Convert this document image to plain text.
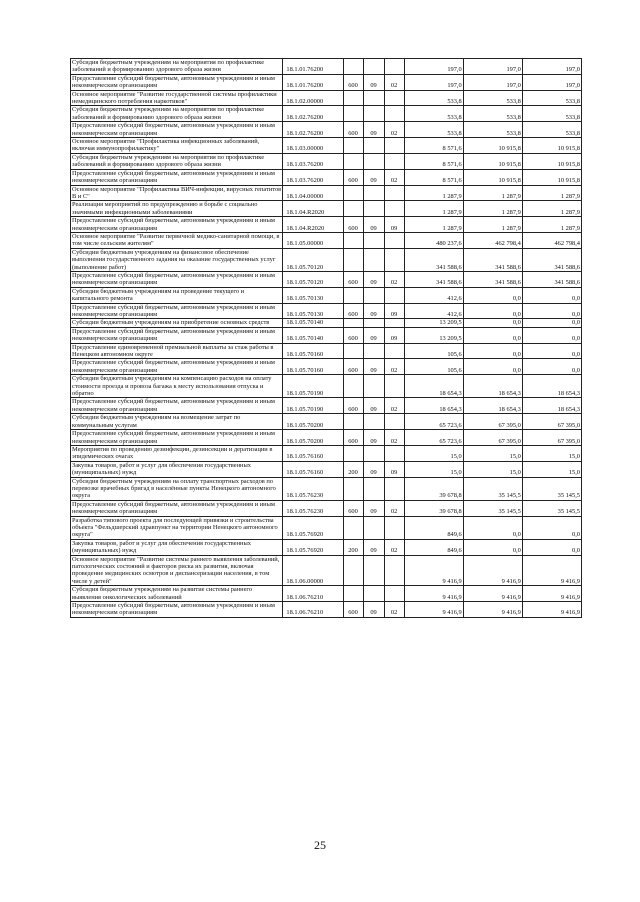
Субсидия бюджетным учреждениям на мероприятия по профилактике заболеваний и формированию здорового образа жизни	18.1.01.76200				197,0	197,0	197,0
Предоставление субсидий бюджетным, автономным учреждениям и иным некоммерческим организациям	18.1.01.76200	600	09	02	197,0	197,0	197,0
Основное мероприятие "Развитие государственной системы профилактики немедицинского потребления наркотиков"	18.1.02.00000				533,8	533,8	533,8
Субсидия бюджетным учреждениям на мероприятия по профилактике заболеваний и формированию здорового образа жизни	18.1.02.76200				533,8	533,8	533,8
Предоставление субсидий бюджетным, автономным учреждениям и иным некоммерческим организациям	18.1.02.76200	600	09	02	533,8	533,8	533,8
Основное мероприятие "Профилактика инфекционных заболеваний, включая иммунопрофилактику"	18.1.03.00000				8 571,6	10 915,8	10 915,8
Субсидия бюджетным учреждениям на мероприятия по профилактике заболеваний и формированию здорового образа жизни	18.1.03.76200				8 571,6	10 915,8	10 915,8
Предоставление субсидий бюджетным, автономным учреждениям и иным некоммерческим организациям	18.1.03.76200	600	09	02	8 571,6	10 915,8	10 915,8
Основное мероприятие "Профилактика ВИЧ-инфекции, вирусных гепатитов В и С"	18.1.04.00000				1 287,9	1 287,9	1 287,9
Реализация мероприятий по предупреждению и борьбе с социально значимыми инфекционными заболеваниями	18.1.04.R2020				1 287,9	1 287,9	1 287,9
Предоставление субсидий бюджетным, автономным учреждениям и иным некоммерческим организациям	18.1.04.R2020	600	09	09	1 287,9	1 287,9	1 287,9
Основное мероприятие "Развитие первичной медико-санитарной помощи, в том числе сельским жителям"	18.1.05.00000				480 237,6	462 798,4	462 798,4
Субсидии бюджетным учреждениям на финансовое обеспечение выполнения государственного задания на оказание государственных услуг (выполнение работ)	18.1.05.70120				341 588,6	341 588,6	341 588,6
Предоставление субсидий бюджетным, автономным учреждениям и иным некоммерческим организациям	18.1.05.70120	600	09	02	341 588,6	341 588,6	341 588,6
Субсидии бюджетным учреждениям на проведение текущего и капитального ремонта	18.1.05.70130				412,6	0,0	0,0
Предоставление субсидий бюджетным, автономным учреждениям и иным некоммерческим организациям	18.1.05.70130	600	09	09	412,6	0,0	0,0
Субсидии бюджетным учреждениям на приобретение основных средств	18.1.05.70140				13 209,5	0,0	0,0
Предоставление субсидий бюджетным, автономным учреждениям и иным некоммерческим организациям	18.1.05.70140	600	09	09	13 209,5	0,0	0,0
Предоставление единовременной премиальной выплаты за стаж работы в Ненецком автономном округе	18.1.05.70160				105,6	0,0	0,0
Предоставление субсидий бюджетным, автономным учреждениям и иным некоммерческим организациям	18.1.05.70160	600	09	02	105,6	0,0	0,0
Субсидии бюджетным учреждениям на компенсацию расходов на оплату стоимости проезда и провоза багажа к месту использования отпуска и обратно	18.1.05.70190				18 654,3	18 654,3	18 654,3
Предоставление субсидий бюджетным, автономным учреждениям и иным некоммерческим организациям	18.1.05.70190	600	09	02	18 654,3	18 654,3	18 654,3
Субсидии бюджетным учреждениям на возмещение затрат по коммунальным услугам	18.1.05.70200				65 723,6	67 395,0	67 395,0
Предоставление субсидий бюджетным, автономным учреждениям и иным некоммерческим организациям	18.1.05.70200	600	09	02	65 723,6	67 395,0	67 395,0
Мероприятия по проведению дезинфекции, дезинсекции и дератизации в эпидемических очагах	18.1.05.76160				15,0	15,0	15,0
Закупка товаров, работ и услуг для обеспечения государственных (муниципальных) нужд	18.1.05.76160	200	09	09	15,0	15,0	15,0
Субсидия бюджетным учреждениям на оплату транспортных расходов по перевозке врачебных бригад в населённые пункты Ненецкого автономного округа	18.1.05.76230				39 678,8	35 145,5	35 145,5
Предоставление субсидий бюджетным, автономным учреждениям и иным некоммерческим организациям	18.1.05.76230	600	09	02	39 678,8	35 145,5	35 145,5
Разработка типового проекта для последующей привязки и строительства объекта "Фельдшерский здравпункт на территории Ненецкого автономного округа"	18.1.05.76920				849,6	0,0	0,0
Закупка товаров, работ и услуг для обеспечения государственных (муниципальных) нужд	18.1.05.76920	200	09	02	849,6	0,0	0,0
Основное мероприятие "Развитие системы раннего выявления заболеваний, патологических состояний и факторов риска их развития, включая проведение медицинских осмотров и диспансеризации населения, в том числе у детей"	18.1.06.00000				9 416,9	9 416,9	9 416,9
Субсидия бюджетным учреждениям на развитие системы раннего выявления онкологических заболеваний	18.1.06.76210				9 416,9	9 416,9	9 416,9
Предоставление субсидий бюджетным, автономным учреждениям и иным некоммерческим организациям	18.1.06.76210	600	09	02	9 416,9	9 416,9	9 416,9
25
